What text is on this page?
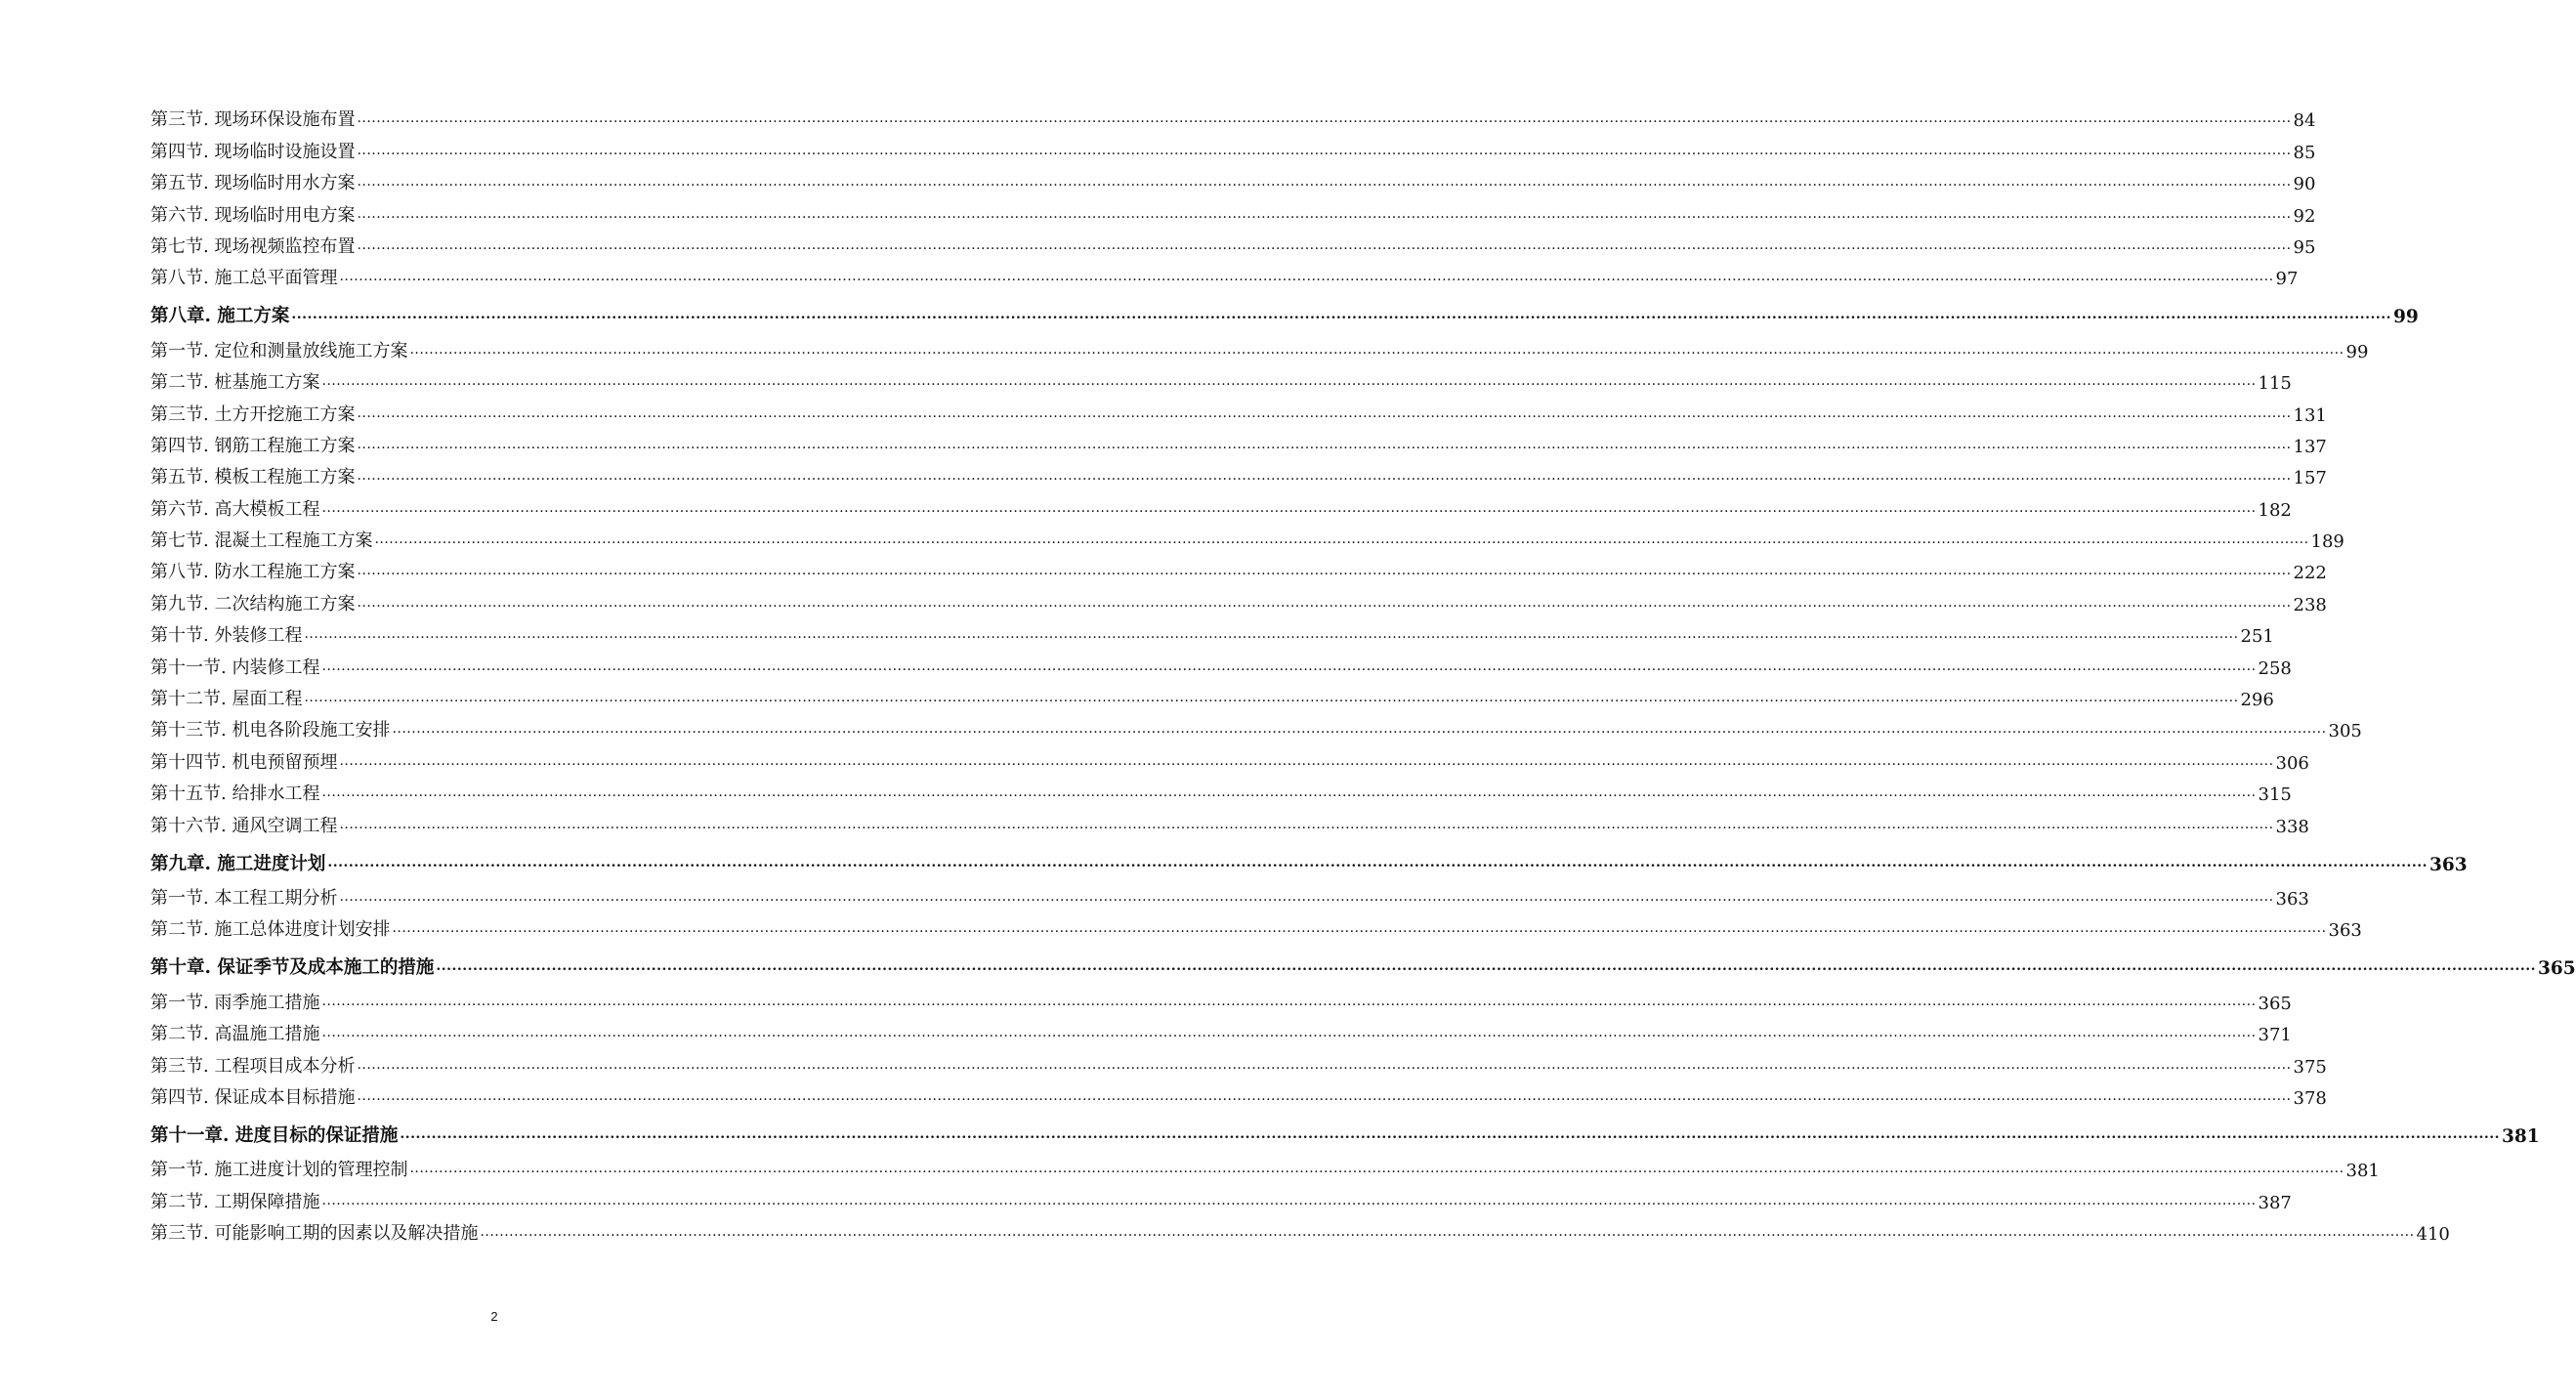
第三节. 现场环保设施布置 ................................................................................................................................................................................................................................................................................................................................................................................................................ 84
第四节. 现场临时设施设置 ................................................................................................................................................................................................................................................................................................................................................................................................................ 85
第五节. 现场临时用水方案 ................................................................................................................................................................................................................................................................................................................................................................................................................ 90
第六节. 现场临时用电方案 ................................................................................................................................................................................................................................................................................................................................................................................................................ 92
第七节. 现场视频监控布置 ................................................................................................................................................................................................................................................................................................................................................................................................................ 95
第八节. 施工总平面管理 ................................................................................................................................................................................................................................................................................................................................................................................................................ 97
第八章. 施工方案 ................................................................................................................................................................................................................................................................................................................................................................................................................ 99
第一节. 定位和测量放线施工方案 ................................................................................................................................................................................................................................................................................................................................................................................................................ 99
第二节. 桩基施工方案 ................................................................................................................................................................................................................................................................................................................................................................................................................ 115
第三节. 土方开挖施工方案 ................................................................................................................................................................................................................................................................................................................................................................................................................ 131
第四节. 钢筋工程施工方案 ................................................................................................................................................................................................................................................................................................................................................................................................................ 137
第五节. 模板工程施工方案 ................................................................................................................................................................................................................................................................................................................................................................................................................ 157
第六节. 高大模板工程 ................................................................................................................................................................................................................................................................................................................................................................................................................ 182
第七节. 混凝土工程施工方案 ................................................................................................................................................................................................................................................................................................................................................................................................................ 189
第八节. 防水工程施工方案 ................................................................................................................................................................................................................................................................................................................................................................................................................ 222
第九节. 二次结构施工方案 ................................................................................................................................................................................................................................................................................................................................................................................................................ 238
第十节. 外装修工程 ................................................................................................................................................................................................................................................................................................................................................................................................................ 251
第十一节. 内装修工程 ................................................................................................................................................................................................................................................................................................................................................................................................................ 258
第十二节. 屋面工程 ................................................................................................................................................................................................................................................................................................................................................................................................................ 296
第十三节. 机电各阶段施工安排 ................................................................................................................................................................................................................................................................................................................................................................................................................ 305
第十四节. 机电预留预埋 ................................................................................................................................................................................................................................................................................................................................................................................................................ 306
第十五节. 给排水工程 ................................................................................................................................................................................................................................................................................................................................................................................................................ 315
第十六节. 通风空调工程 ................................................................................................................................................................................................................................................................................................................................................................................................................ 338
第九章. 施工进度计划 ................................................................................................................................................................................................................................................................................................................................................................................................................ 363
第一节. 本工程工期分析 ................................................................................................................................................................................................................................................................................................................................................................................................................ 363
第二节. 施工总体进度计划安排 ................................................................................................................................................................................................................................................................................................................................................................................................................ 363
第十章. 保证季节及成本施工的措施 ................................................................................................................................................................................................................................................................................................................................................................................................................ 365
第一节. 雨季施工措施 ................................................................................................................................................................................................................................................................................................................................................................................................................ 365
第二节. 高温施工措施 ................................................................................................................................................................................................................................................................................................................................................................................................................ 371
第三节. 工程项目成本分析 ................................................................................................................................................................................................................................................................................................................................................................................................................ 375
第四节. 保证成本目标措施 ................................................................................................................................................................................................................................................................................................................................................................................................................ 378
第十一章. 进度目标的保证措施 ................................................................................................................................................................................................................................................................................................................................................................................................................ 381
第一节. 施工进度计划的管理控制 ................................................................................................................................................................................................................................................................................................................................................................................................................ 381
第二节. 工期保障措施 ................................................................................................................................................................................................................................................................................................................................................................................................................ 387
第三节. 可能影响工期的因素以及解决措施 ................................................................................................................................................................................................................................................................................................................................................................................................................ 410
2
